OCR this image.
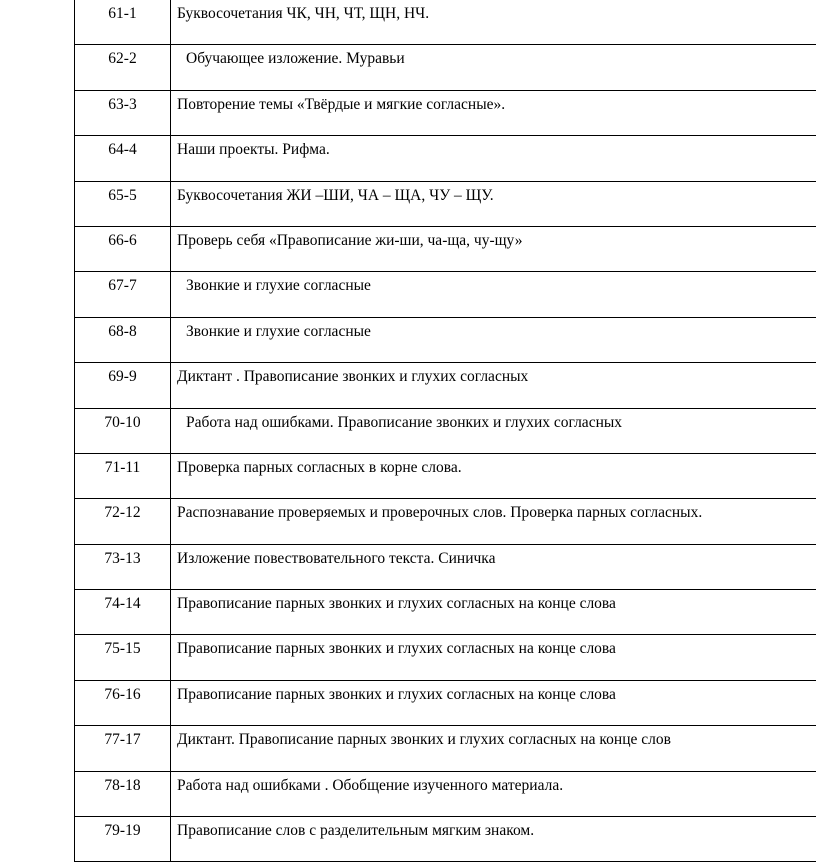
61-1	Буквосочетания ЧК, ЧН, ЧТ, ЩН, НЧ.
62-2	Обучающее изложение. Муравьи
63-3	Повторение темы «Твёрдые и мягкие согласные».
64-4	Наши проекты. Рифма.
65-5	Буквосочетания ЖИ –ШИ, ЧА – ЩА, ЧУ – ЩУ.
66-6	Проверь себя «Правописание жи-ши, ча-ща, чу-щу»
67-7	Звонкие и глухие согласные
68-8	Звонкие и глухие согласные
69-9	Диктант . Правописание звонких и глухих согласных
70-10	Работа над ошибками. Правописание звонких и глухих согласных
71-11	Проверка парных согласных в корне слова.
72-12	Распознавание проверяемых и проверочных слов. Проверка парных согласных.
73-13	Изложение повествовательного текста. Синичка
74-14	Правописание парных звонких и глухих согласных на конце слова
75-15	Правописание парных звонких и глухих согласных на конце слова
76-16	Правописание парных звонких и глухих согласных на конце слова
77-17	Диктант. Правописание парных звонких и глухих согласных на конце слов
78-18	Работа над ошибками . Обобщение изученного материала.
79-19	Правописание слов с разделительным мягким знаком.
